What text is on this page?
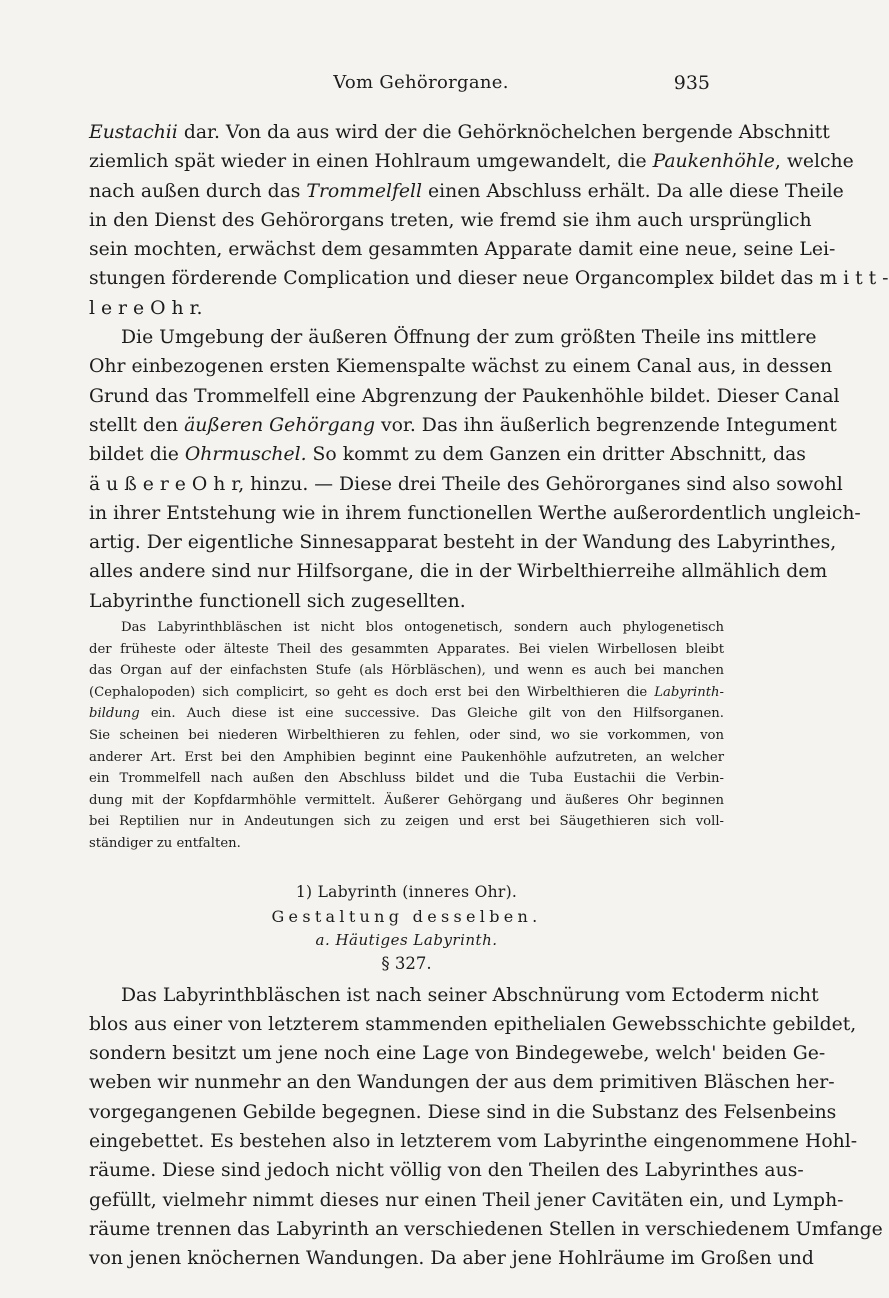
Vom Gehörorgane.	935

Eustachii dar. Von da aus wird der die Gehörknöchelchen bergende Abschnitt
ziemlich spät wieder in einen Hohlraum umgewandelt, die Paukenhöhle, welche
nach außen durch das Trommelfell einen Abschluss erhält. Da alle diese Theile
in den Dienst des Gehörorgans treten, wie fremd sie ihm auch ursprünglich
sein mochten, erwächst dem gesammten Apparate damit eine neue, seine Lei-
stungen förderende Complication und dieser neue Organcomplex bildet das m i t t -
l e r e O h r.

Die Umgebung der äußeren Öffnung der zum größten Theile ins mittlere
Ohr einbezogenen ersten Kiemenspalte wächst zu einem Canal aus, in dessen
Grund das Trommelfell eine Abgrenzung der Paukenhöhle bildet. Dieser Canal
stellt den äußeren Gehörgang vor. Das ihn äußerlich begrenzende Integument
bildet die Ohrmuschel. So kommt zu dem Ganzen ein dritter Abschnitt, das
ä u ß e r e O h r, hinzu. — Diese drei Theile des Gehörorganes sind also sowohl
in ihrer Entstehung wie in ihrem functionellen Werthe außerordentlich ungleich-
artig. Der eigentliche Sinnesapparat besteht in der Wandung des Labyrinthes,
alles andere sind nur Hilfsorgane, die in der Wirbelthierreihe allmählich dem
Labyrinthe functionell sich zugesellten.

Das Labyrinthbläschen ist nicht blos ontogenetisch, sondern auch phylogenetisch
der früheste oder älteste Theil des gesammten Apparates. Bei vielen Wirbellosen bleibt
das Organ auf der einfachsten Stufe (als Hörbläschen), und wenn es auch bei manchen
(Cephalopoden) sich complicirt, so geht es doch erst bei den Wirbelthieren die Labyrinth-
bildung ein. Auch diese ist eine successive. Das Gleiche gilt von den Hilfsorganen.
Sie scheinen bei niederen Wirbelthieren zu fehlen, oder sind, wo sie vorkommen, von
anderer Art. Erst bei den Amphibien beginnt eine Paukenhöhle aufzutreten, an welcher
ein Trommelfell nach außen den Abschluss bildet und die Tuba Eustachii die Verbin-
dung mit der Kopfdarmhöhle vermittelt. Äußerer Gehörgang und äußeres Ohr beginnen
bei Reptilien nur in Andeutungen sich zu zeigen und erst bei Säugethieren sich voll-
ständiger zu entfalten.

1) Labyrinth (inneres Ohr).
Gestaltung desselben.
a. Häutiges Labyrinth.
§ 327.

Das Labyrinthbläschen ist nach seiner Abschnürung vom Ectoderm nicht
blos aus einer von letzterem stammenden epithelialen Gewebsschichte gebildet,
sondern besitzt um jene noch eine Lage von Bindegewebe, welch' beiden Ge-
weben wir nunmehr an den Wandungen der aus dem primitiven Bläschen her-
vorgegangenen Gebilde begegnen. Diese sind in die Substanz des Felsenbeins
eingebettet. Es bestehen also in letzterem vom Labyrinthe eingenommene Hohl-
räume. Diese sind jedoch nicht völlig von den Theilen des Labyrinthes aus-
gefüllt, vielmehr nimmt dieses nur einen Theil jener Cavitäten ein, und Lymph-
räume trennen das Labyrinth an verschiedenen Stellen in verschiedenem Umfange
von jenen knöchernen Wandungen. Da aber jene Hohlräume im Großen und
